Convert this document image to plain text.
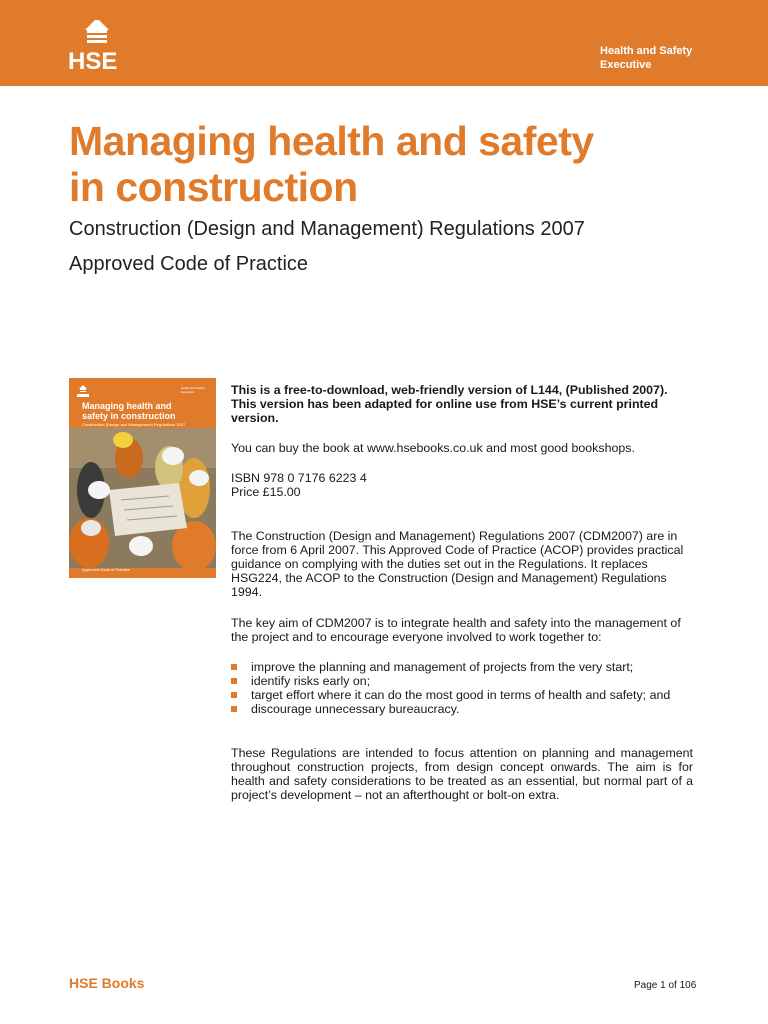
HSE	Health and Safety
Executive
Managing health and safety
in construction
Construction (Design and Management) Regulations 2007
Approved Code of Practice
Health and Safety Executive
Managing health and
safety in construction
Construction (Design and Management) Regulations 2007
Approved Code of Practice
This is a free-to-download, web-friendly version of L144, (Published 2007).
This version has been adapted for online use from HSE’s current printed
version.
You can buy the book at www.hsebooks.co.uk and most good bookshops.
ISBN 978 0 7176 6223 4
Price £15.00
The Construction (Design and Management) Regulations 2007 (CDM2007) are in force from 6 April 2007. This Approved Code of Practice (ACOP) provides practical guidance on complying with the duties set out in the Regulations. It replaces HSG224, the ACOP to the Construction (Design and Management) Regulations 1994.
The key aim of CDM2007 is to integrate health and safety into the management of the project and to encourage everyone involved to work together to:
improve the planning and management of projects from the very start;
identify risks early on;
target effort where it can do the most good in terms of health and safety; and
discourage unnecessary bureaucracy.
These Regulations are intended to focus attention on planning and management throughout construction projects, from design concept onwards. The aim is for health and safety considerations to be treated as an essential, but normal part of a project’s development – not an afterthought or bolt-on extra.
HSE Books	Page 1 of 106
